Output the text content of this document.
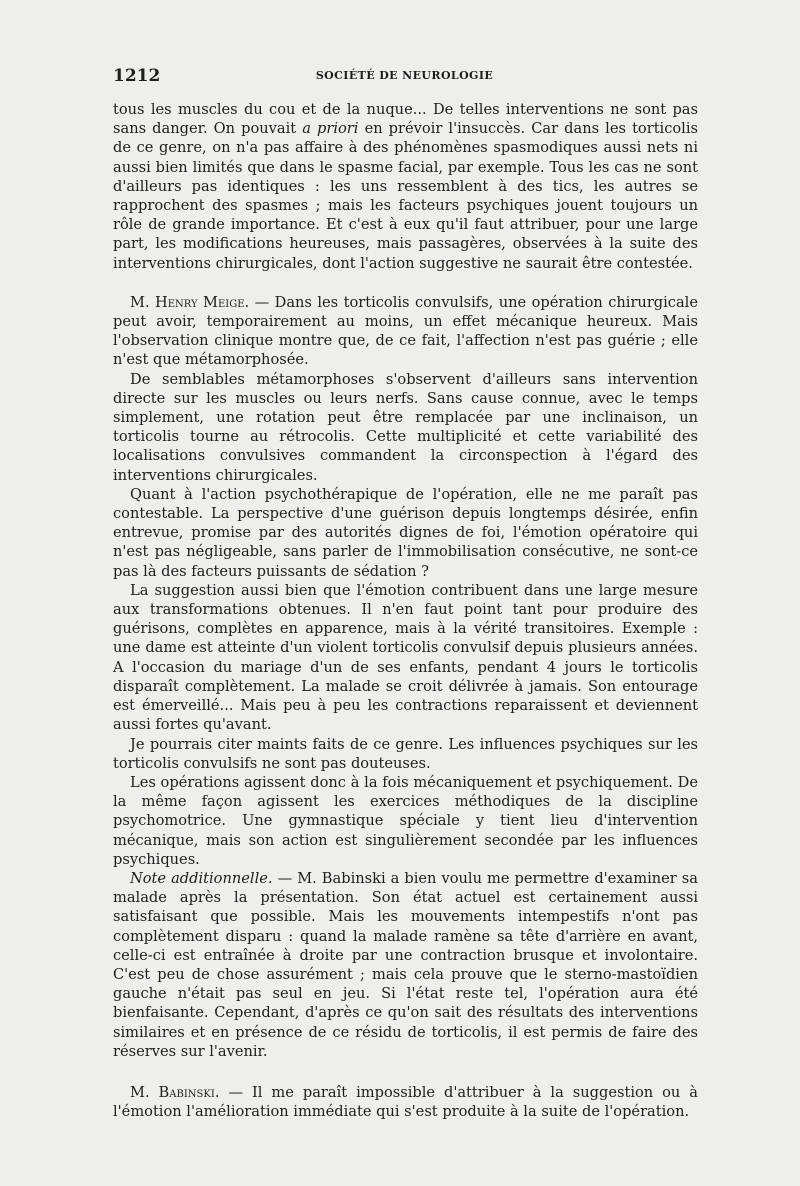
1212	SOCIÉTÉ DE NEUROLOGIE

tous les muscles du cou et de la nuque... De telles interventions ne sont pas sans danger. On pouvait a priori en prévoir l'insuccès. Car dans les torticolis de ce genre, on n'a pas affaire à des phénomènes spasmodiques aussi nets ni aussi bien limités que dans le spasme facial, par exemple. Tous les cas ne sont d'ailleurs pas identiques : les uns ressemblent à des tics, les autres se rapprochent des spasmes ; mais les facteurs psychiques jouent toujours un rôle de grande importance. Et c'est à eux qu'il faut attribuer, pour une large part, les modifications heureuses, mais passagères, observées à la suite des interventions chirurgicales, dont l'action suggestive ne saurait être contestée.

M. Henry Meige. — Dans les torticolis convulsifs, une opération chirurgicale peut avoir, temporairement au moins, un effet mécanique heureux. Mais l'observation clinique montre que, de ce fait, l'affection n'est pas guérie ; elle n'est que métamorphosée.

De semblables métamorphoses s'observent d'ailleurs sans intervention directe sur les muscles ou leurs nerfs. Sans cause connue, avec le temps simplement, une rotation peut être remplacée par une inclinaison, un torticolis tourne au rétrocolis. Cette multiplicité et cette variabilité des localisations convulsives commandent la circonspection à l'égard des interventions chirurgicales.

Quant à l'action psychothérapique de l'opération, elle ne me paraît pas contestable. La perspective d'une guérison depuis longtemps désirée, enfin entrevue, promise par des autorités dignes de foi, l'émotion opératoire qui n'est pas négligeable, sans parler de l'immobilisation consécutive, ne sont-ce pas là des facteurs puissants de sédation ?

La suggestion aussi bien que l'émotion contribuent dans une large mesure aux transformations obtenues. Il n'en faut point tant pour produire des guérisons, complètes en apparence, mais à la vérité transitoires. Exemple : une dame est atteinte d'un violent torticolis convulsif depuis plusieurs années. A l'occasion du mariage d'un de ses enfants, pendant 4 jours le torticolis disparaît complètement. La malade se croit délivrée à jamais. Son entourage est émerveillé... Mais peu à peu les contractions reparaissent et deviennent aussi fortes qu'avant.

Je pourrais citer maints faits de ce genre. Les influences psychiques sur les torticolis convulsifs ne sont pas douteuses.

Les opérations agissent donc à la fois mécaniquement et psychiquement. De la même façon agissent les exercices méthodiques de la discipline psychomotrice. Une gymnastique spéciale y tient lieu d'intervention mécanique, mais son action est singulièrement secondée par les influences psychiques.

Note additionnelle. — M. Babinski a bien voulu me permettre d'examiner sa malade après la présentation. Son état actuel est certainement aussi satisfaisant que possible. Mais les mouvements intempestifs n'ont pas complètement disparu : quand la malade ramène sa tête d'arrière en avant, celle-ci est entraînée à droite par une contraction brusque et involontaire. C'est peu de chose assurément ; mais cela prouve que le sterno-mastoïdien gauche n'était pas seul en jeu. Si l'état reste tel, l'opération aura été bienfaisante. Cependant, d'après ce qu'on sait des résultats des interventions similaires et en présence de ce résidu de torticolis, il est permis de faire des réserves sur l'avenir.

M. Babinski. — Il me paraît impossible d'attribuer à la suggestion ou à l'émotion l'amélioration immédiate qui s'est produite à la suite de l'opération.
